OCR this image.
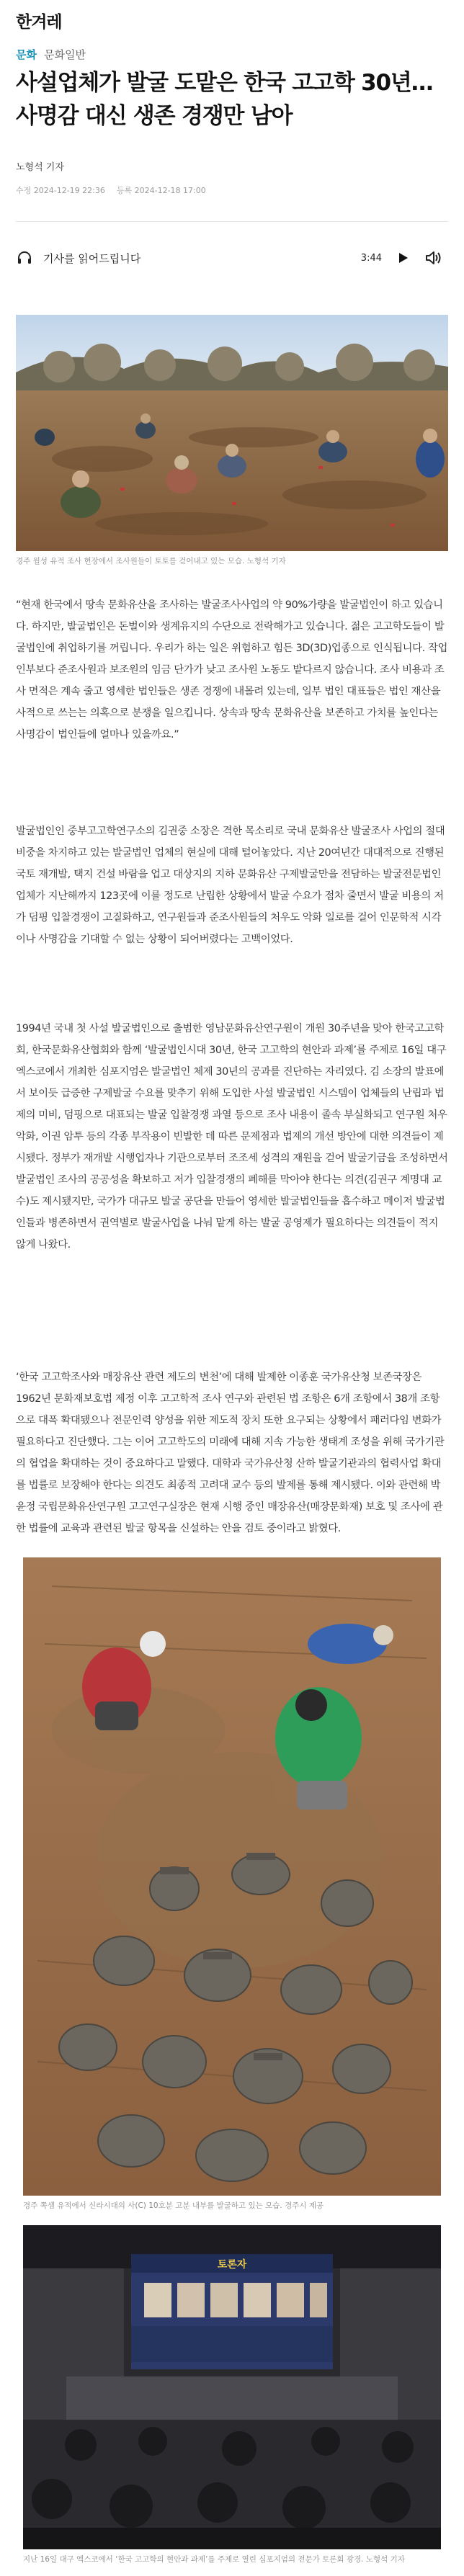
한겨레
문화 문화일반
사설업체가 발굴 도맡은 한국 고고학 30년…사명감 대신 생존 경쟁만 남아
노형석 기자
수정 2024-12-19 22:36 등록 2024-12-18 17:00
기사를 읽어드립니다	3:44
경주 월성 유적 조사 현장에서 조사원들이 토토를 걷어내고 있는 모습. 노형석 기자

“현재 한국에서 땅속 문화유산을 조사하는 발굴조사사업의 약 90%가량을 발굴법인이 하고 있습니다. 하지만, 발굴법인은 돈벌이와 생계유지의 수단으로 전락해가고 있습니다. 젊은 고고학도들이 발굴법인에 취업하기를 꺼립니다. 우리가 하는 일은 위험하고 힘든 3D(3D)업종으로 인식됩니다. 작업 인부보다 준조사원과 보조원의 임금 단가가 낮고 조사원 노동도 밭다르지 않습니다. 조사 비용과 조사 면적은 계속 줄고 영세한 법인들은 생존 경쟁에 내몰려 있는데, 일부 법인 대표들은 법인 재산을 사적으로 쓰는는 의혹으로 분쟁을 일으킵니다. 상속과 땅속 문화유산을 보존하고 가치를 높인다는 사명감이 법인들에 얼마나 있을까요.”

발굴법인인 중부고고학연구소의 김권중 소장은 격한 목소리로 국내 문화유산 발굴조사 사업의 절대 비중을 차지하고 있는 발굴법인 업체의 현실에 대해 털어놓았다. 지난 20여년간 대대적으로 진행된 국토 재개발, 택지 건설 바람을 업고 대상지의 지하 문화유산 구제발굴만을 전담하는 발굴전문법인 업체가 지난해까지 123곳에 이를 정도로 난립한 상황에서 발굴 수요가 점차 줄면서 발굴 비용의 저가 덤핑 입찰경쟁이 고질화하고, 연구원들과 준조사원들의 처우도 악화 일로를 걸어 인문학적 시각이나 사명감을 기대할 수 없는 상황이 되어버렸다는 고백이었다.

1994년 국내 첫 사설 발굴법인으로 출범한 영남문화유산연구원이 개원 30주년을 맞아 한국고고학회, 한국문화유산협회와 함께 ‘발굴법인시대 30년, 한국 고고학의 현안과 과제’를 주제로 16일 대구 엑스코에서 개최한 심포지엄은 발굴법인 체제 30년의 공과를 진단하는 자리였다. 김 소장의 발표에서 보이듯 급증한 구제발굴 수요를 맞추기 위해 도입한 사설 발굴법인 시스템이 업체들의 난립과 법제의 미비, 덤핑으로 대표되는 발굴 입찰경쟁 과열 등으로 조사 내용이 졸속 부실화되고 연구원 처우 악화, 이권 암투 등의 각종 부작용이 빈발한 데 따른 문제점과 법제의 개선 방안에 대한 의견들이 제시됐다. 정부가 재개발 시행업자나 기관으로부터 조조세 성격의 재원을 걷어 발굴기금을 조성하면서 발굴법인 조사의 공공성을 확보하고 저가 입찰경쟁의 폐해를 막아야 한다는 의견(김권구 계명대 교수)도 제시됐지만, 국가가 대규모 발굴 공단을 만들어 영세한 발굴법인들을 흡수하고 메이저 발굴법인들과 병존하면서 권역별로 발굴사업을 나눠 맡게 하는 발굴 공영제가 필요하다는 의견들이 적지 않게 나왔다.

‘한국 고고학조사와 매장유산 관련 제도의 변천’에 대해 발제한 이종훈 국가유산청 보존국장은 1962년 문화재보호법 제정 이후 고고학적 조사 연구와 관련된 법 조항은 6개 조항에서 38개 조항으로 대폭 확대됐으나 전문인력 양성을 위한 제도적 장치 또한 요구되는 상황에서 패러다임 변화가 필요하다고 진단했다. 그는 이어 고고학도의 미래에 대해 지속 가능한 생태계 조성을 위해 국가기관의 협업을 확대하는 것이 중요하다고 말했다. 대학과 국가유산청 산하 발굴기관과의 협력사업 확대를 법률로 보장해야 한다는 의견도 최종적 고려대 교수 등의 발제를 통해 제시됐다. 이와 관련해 박윤정 국립문화유산연구원 고고연구실장은 현재 시행 중인 매장유산(매장문화재) 보호 및 조사에 관한 법률에 교육과 관련된 발굴 항목을 신설하는 안을 검토 중이라고 밝혔다.

경주 쪽샘 유적에서 신라시대의 사(C) 10호분 고분 내부를 발굴하고 있는 모습. 경주시 제공
토론자
지난 16일 대구 엑스코에서 ‘한국 고고학의 현안과 과제’를 주제로 열린 심포지엄의 전문가 토론회 광경. 노형석 기자
